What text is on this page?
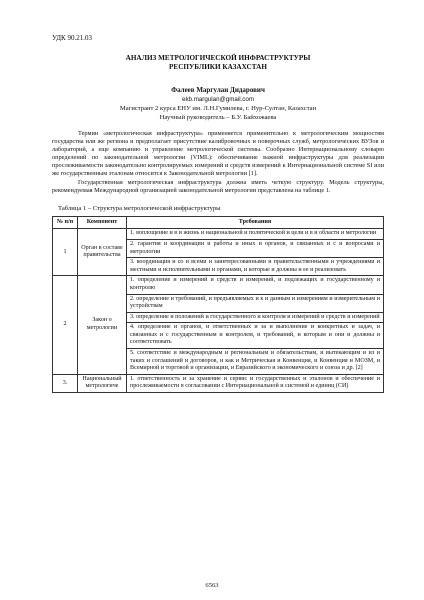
УДК 90.21.03
АНАЛИЗ МЕТРОЛОГИЧЕСКОЙ ИНФРАСТРУКТУРЫ
РЕСПУБЛИКИ КАЗАХСТАН
Фалеев Маргулан Дидарович
ekb.margulan@gmail.com
Магистрант 2 курса ЕНУ им. Л.Н.Гумилева, г. Нур-Султан, Казахстан
Научный руководитель – Б.У. Байхожаева

Термин «метрологическая инфраструктура» применяется применительно к метрологическим мощностям государства или же региона и предполагает присутствие калибровочных и поверочных служб, метрологических ВУЗов и лабораторий, а еще компанию и управление метрологической системы. Сообразно Интернациональному словарю определений по законодательной метрологии (VIML): обеспечивание важной инфраструктуры для реализации прослеживаемости законодательно контролируемых измерений и средств измерений к Интернациональной системе SI или же государственным эталонам относится к Законодательной метрологии [1].

Государственная метрологическая инфраструктура должна иметь четкую структуру. Модель структуры, рекомендуемая Международной организацией законодательной метрологии представлена на таблице 1.

Таблица 1 – Структура метрологической инфраструктуры
№ п/п	Компонент	Требования
1	Орган в составе правительства	1. воплощение и в и жизнь и национальной и политической и цели и в и области и метрологии
		2. гарантия и координации и работы и иных и органов, и связанных и с и вопросами и метрологии
		3. координация и со и всеми и заинтересованными и правительственными и учреждениями и местными и исполнительными и органами, и которые и должны и ее и реализовать
2	Закон о метрологии	1. определение и измерений и средств и измерений, и подлежащих и государственному и контролю
		2. определение и требований, и предъявляемых и к и данным и измерениям и измерительным и устройствам
		3. определение и положений и государственного и контроля и измерений и средств и измерений
		4. определение и органов, и ответственных и за и выполнение и конкретных и задач, и связанных и с государственным и контролем, и требований, и которым и они и должны и соответствовать
		5. соответствие и международным и региональным и обязательствам, и вытекающим и из и таких и соглашений и договоров, и как и Метрическая и Конвенция, и Конвенция и МОЗМ, и Всемирной и торговой и организации, и Евразийского и экономического и союза и др. [2]
3.	Национальный метрологиче	1. ответственность и за хранение и сервис и государственных и эталонов и обеспечение и прослеживаемости в согласовании с Интернациональной и системой и единиц (СИ)
6563
